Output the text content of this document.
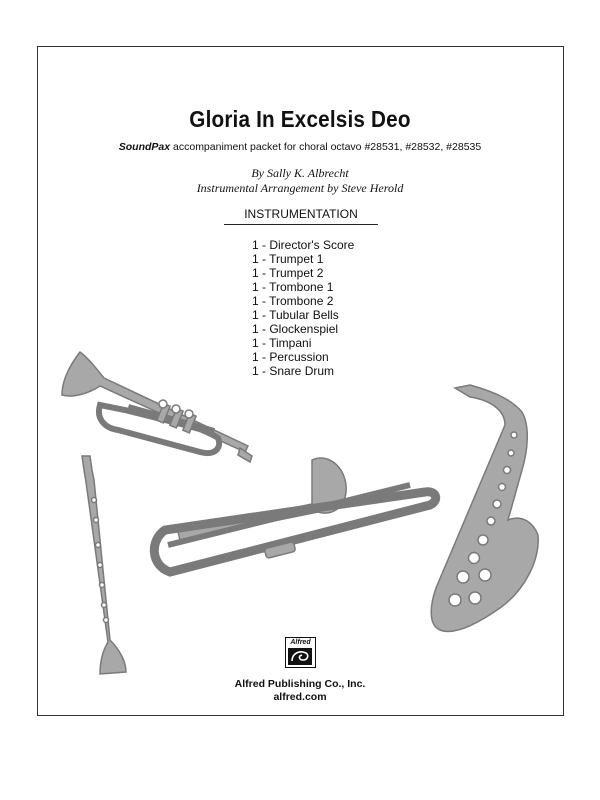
Gloria In Excelsis Deo
SoundPax accompaniment packet for choral octavo #28531, #28532, #28535
By Sally K. Albrecht
Instrumental Arrangement by Steve Herold
INSTRUMENTATION
1 - Director's Score
1 - Trumpet 1
1 - Trumpet 2
1 - Trombone 1
1 - Trombone 2
1 - Tubular Bells
1 - Glockenspiel
1 - Timpani
1 - Percussion
1 - Snare Drum
Alfred
Alfred Publishing Co., Inc.
alfred.com
